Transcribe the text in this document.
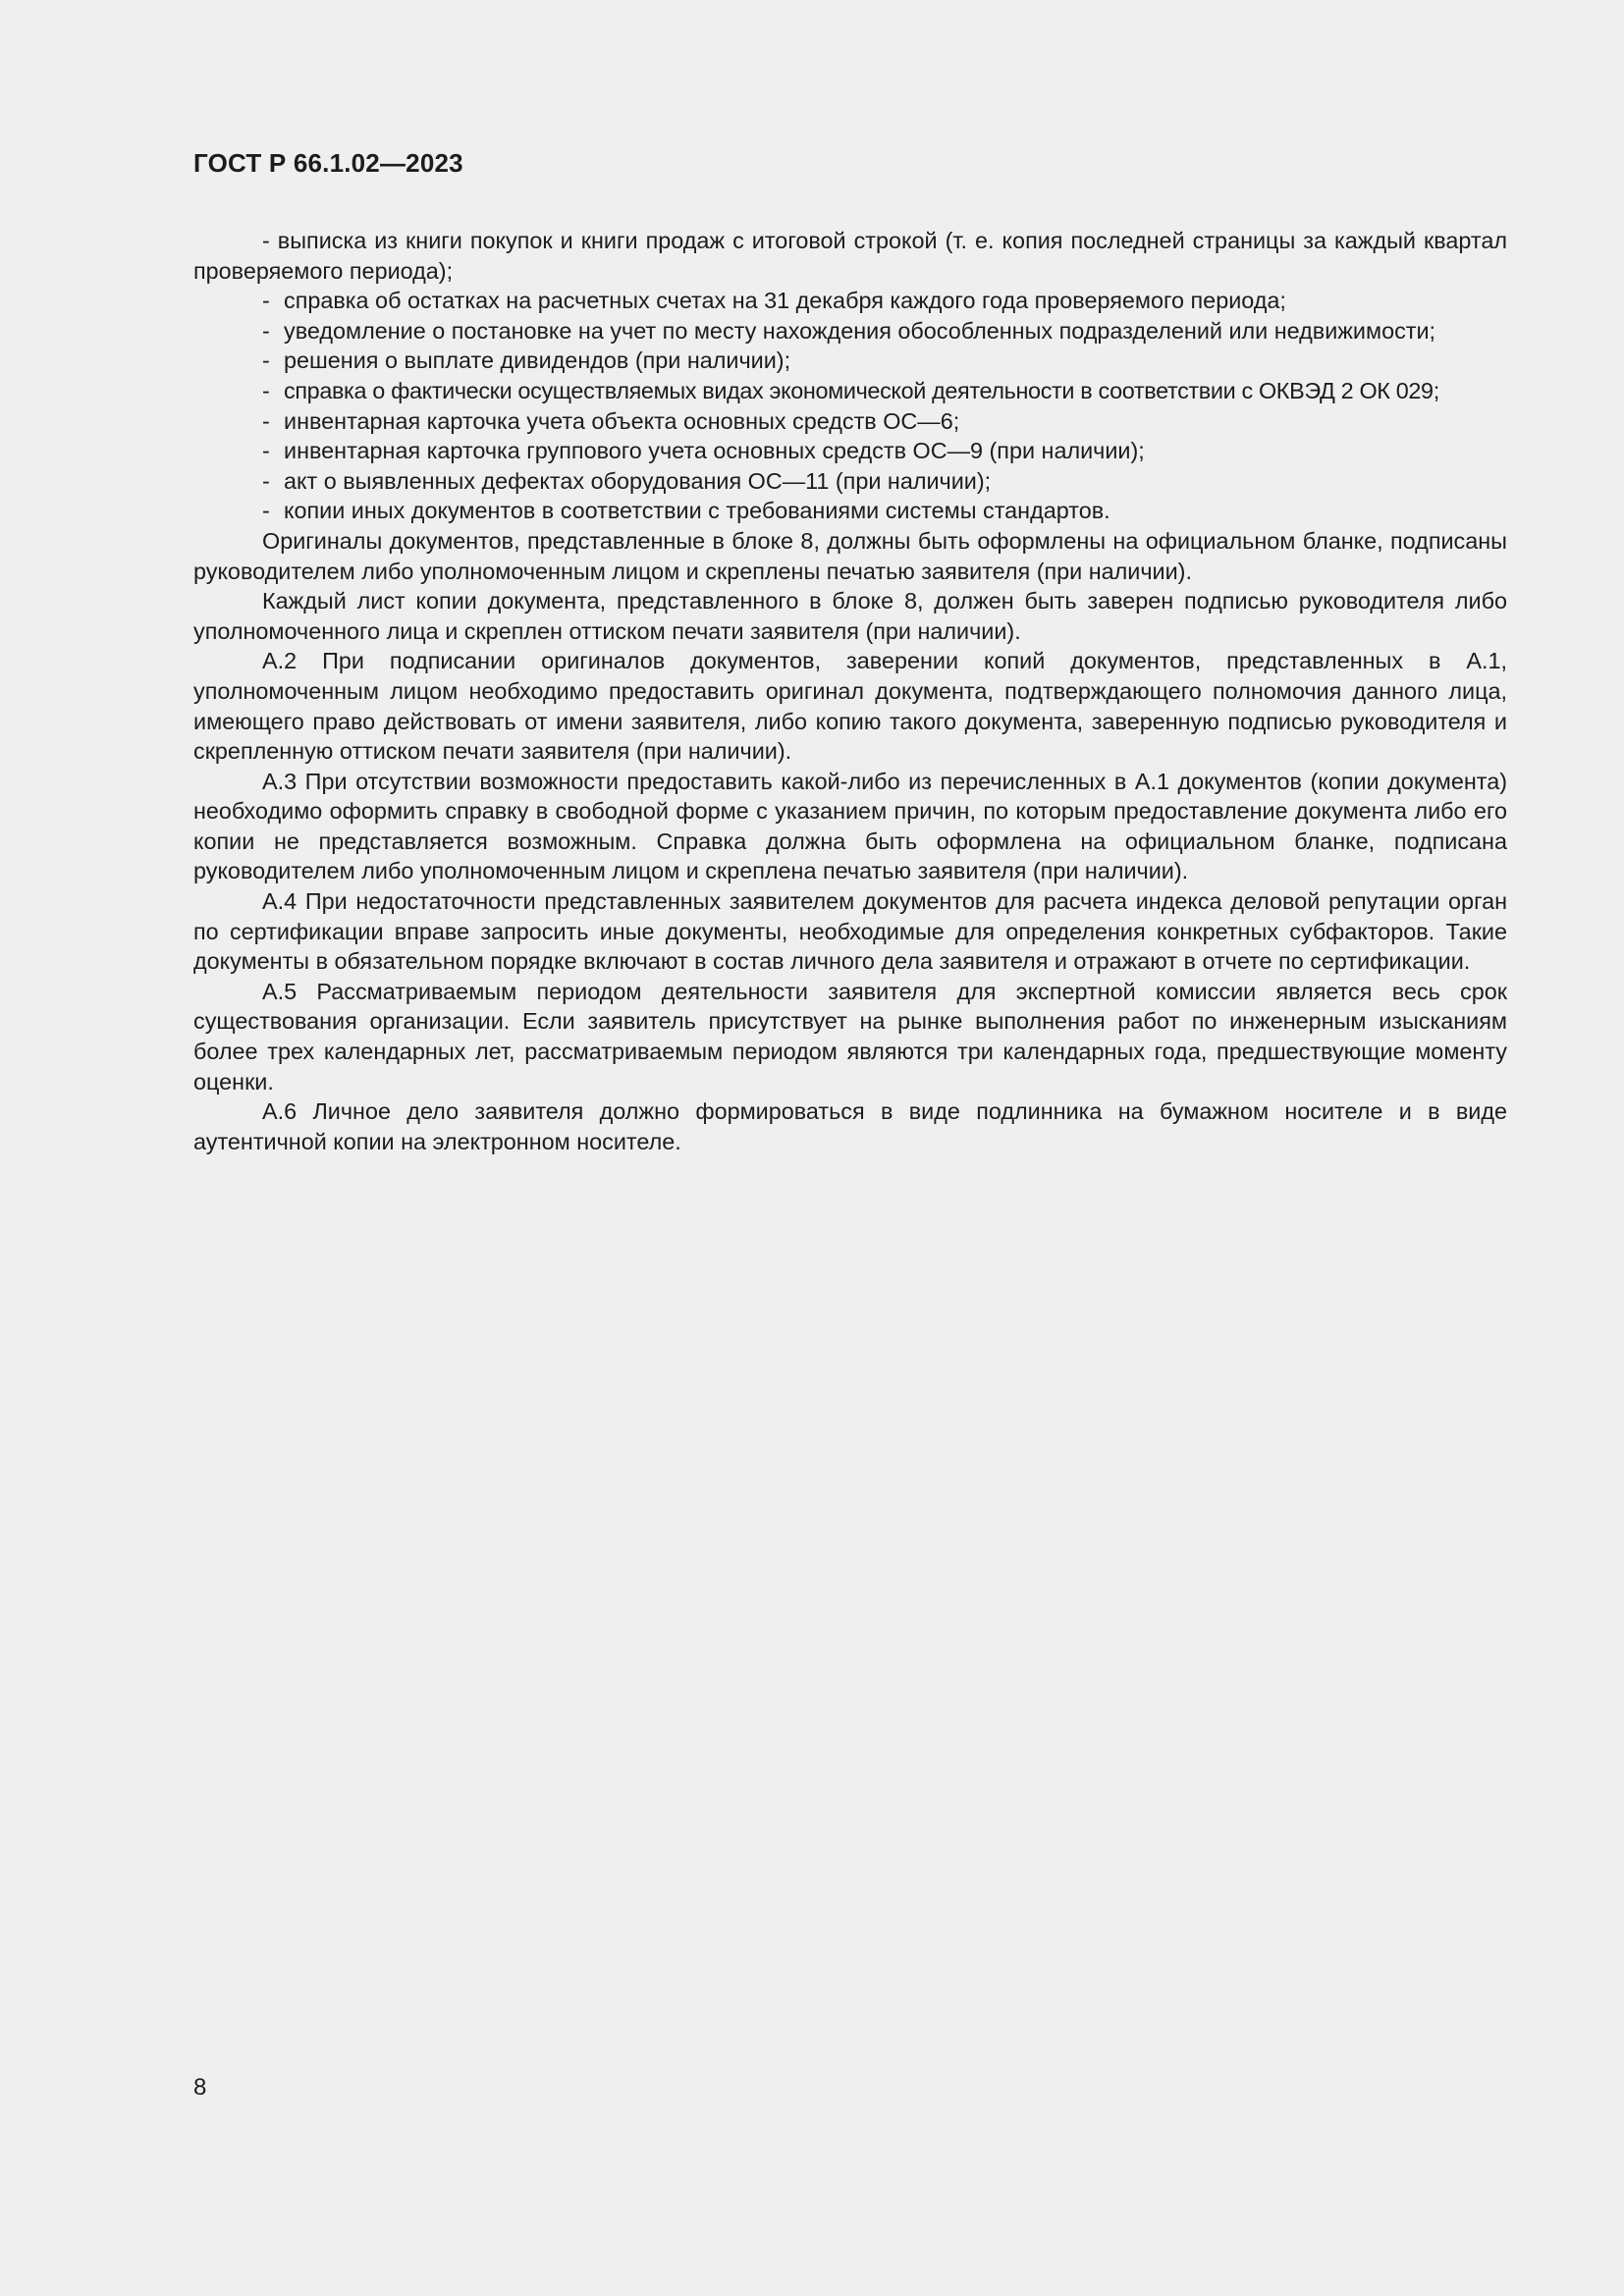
ГОСТ Р 66.1.02—2023

- выписка из книги покупок и книги продаж с итоговой строкой (т. е. копия последней страницы за каждый квартал проверяемого периода);

- справка об остатках на расчетных счетах на 31 декабря каждого года проверяемого периода;
- уведомление о постановке на учет по месту нахождения обособленных подразделений или недвижимости;
- решения о выплате дивидендов (при наличии);
- справка о фактически осуществляемых видах экономической деятельности в соответствии с ОКВЭД 2 ОК 029;
- инвентарная карточка учета объекта основных средств ОС—6;
- инвентарная карточка группового учета основных средств ОС—9 (при наличии);
- акт о выявленных дефектах оборудования ОС—11 (при наличии);
- копии иных документов в соответствии с требованиями системы стандартов.

Оригиналы документов, представленные в блоке 8, должны быть оформлены на официальном бланке, подписаны руководителем либо уполномоченным лицом и скреплены печатью заявителя (при наличии).

Каждый лист копии документа, представленного в блоке 8, должен быть заверен подписью руководителя либо уполномоченного лица и скреплен оттиском печати заявителя (при наличии).

А.2 При подписании оригиналов документов, заверении копий документов, представленных в А.1, уполномоченным лицом необходимо предоставить оригинал документа, подтверждающего полномочия данного лица, имеющего право действовать от имени заявителя, либо копию такого документа, заверенную подписью руководителя и скрепленную оттиском печати заявителя (при наличии).

А.3 При отсутствии возможности предоставить какой-либо из перечисленных в А.1 документов (копии документа) необходимо оформить справку в свободной форме с указанием причин, по которым предоставление документа либо его копии не представляется возможным. Справка должна быть оформлена на официальном бланке, подписана руководителем либо уполномоченным лицом и скреплена печатью заявителя (при наличии).

А.4 При недостаточности представленных заявителем документов для расчета индекса деловой репутации орган по сертификации вправе запросить иные документы, необходимые для определения конкретных субфакторов. Такие документы в обязательном порядке включают в состав личного дела заявителя и отражают в отчете по сертификации.

А.5 Рассматриваемым периодом деятельности заявителя для экспертной комиссии является весь срок существования организации. Если заявитель присутствует на рынке выполнения работ по инженерным изысканиям более трех календарных лет, рассматриваемым периодом являются три календарных года, предшествующие моменту оценки.

А.6 Личное дело заявителя должно формироваться в виде подлинника на бумажном носителе и в виде аутентичной копии на электронном носителе.

8
